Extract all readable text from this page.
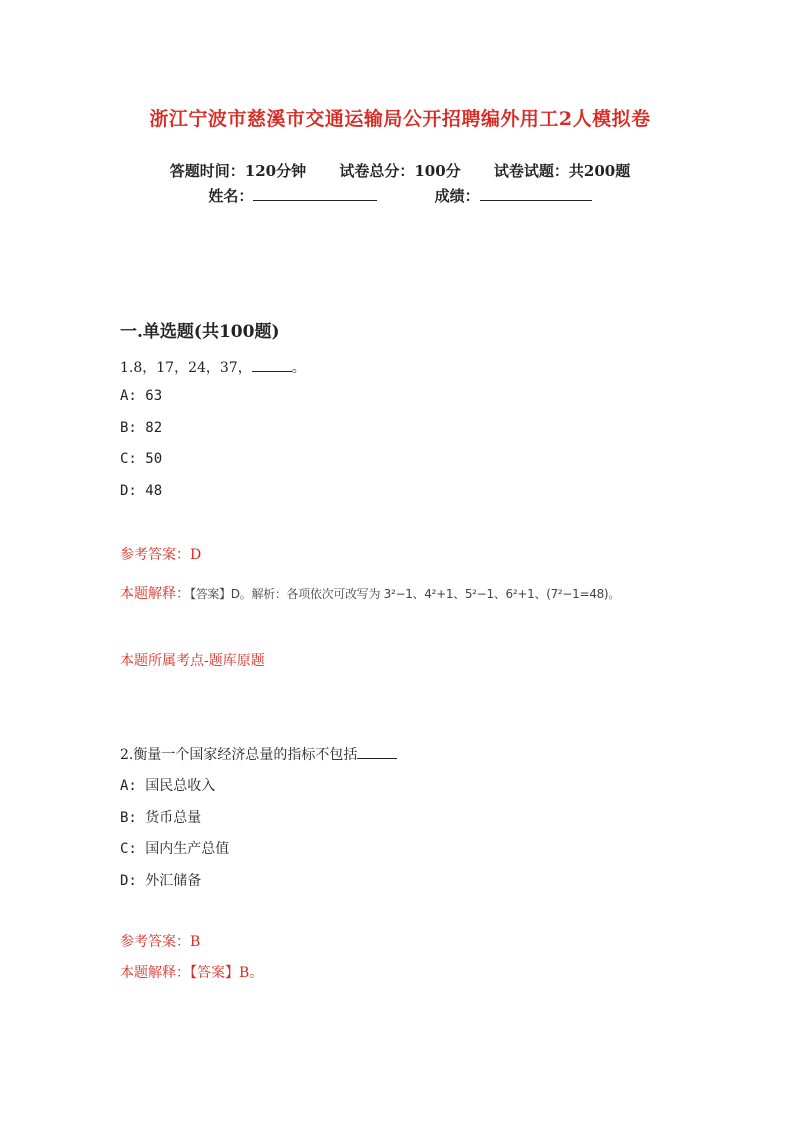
浙江宁波市慈溪市交通运输局公开招聘编外用工2人模拟卷
答题时间：120分钟 试卷总分：100分 试卷试题：共200题
姓名：	成绩：
一.单选题(共100题)
1.8，17，24，37，	。
A: 63
B: 82
C: 50
D: 48
参考答案：D
本题解释：【答案】D。解析：各项依次可改写为 3²−1、4²+1、5²−1、6²+1、(7²−1=48)。
本题所属考点-题库原题
2.衡量一个国家经济总量的指标不包括
A: 国民总收入
B: 货币总量
C: 国内生产总值
D: 外汇储备
参考答案：B
本题解释：【答案】B。
